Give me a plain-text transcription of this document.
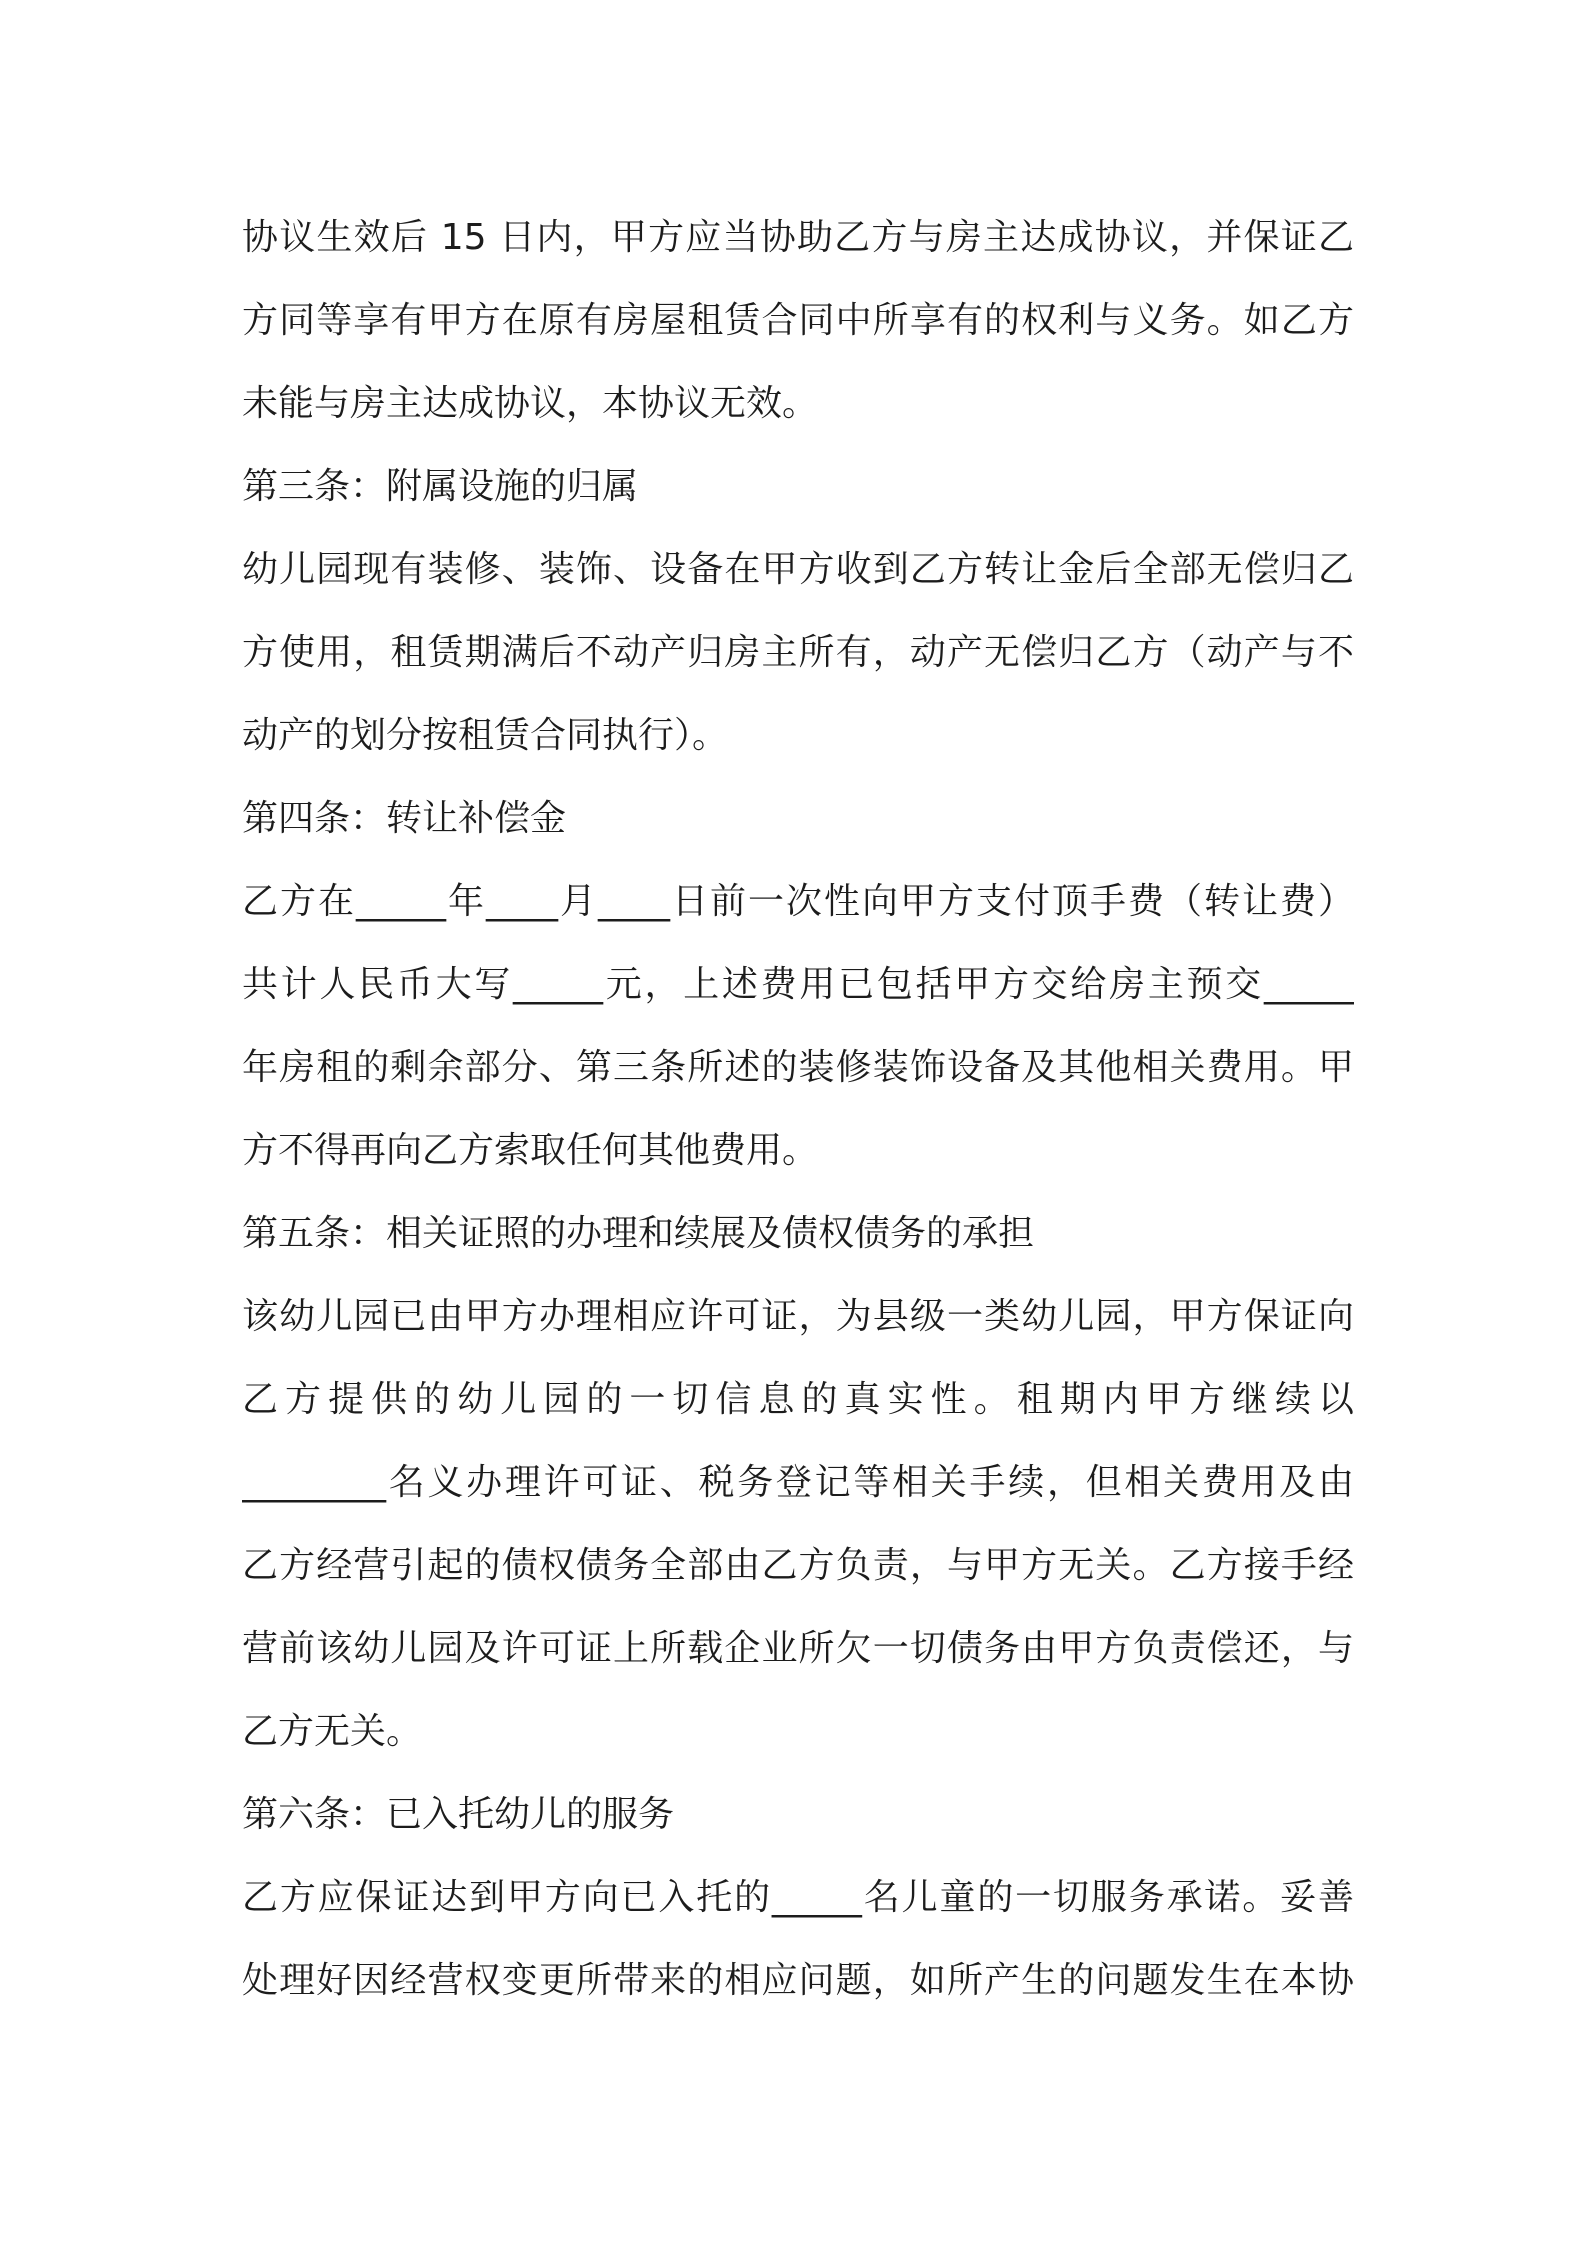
协议生效后 15 日内，甲方应当协助乙方与房主达成协议，并保证乙
方同等享有甲方在原有房屋租赁合同中所享有的权利与义务。如乙方
未能与房主达成协议，本协议无效。
第三条：附属设施的归属
幼儿园现有装修、装饰、设备在甲方收到乙方转让金后全部无偿归乙
方使用，租赁期满后不动产归房主所有，动产无偿归乙方（动产与不
动产的划分按租赁合同执行）。
第四条：转让补偿金
乙方在_____年____月____日前一次性向甲方支付顶手费（转让费）
共计人民币大写_____元，上述费用已包括甲方交给房主预交_____
年房租的剩余部分、第三条所述的装修装饰设备及其他相关费用。甲
方不得再向乙方索取任何其他费用。
第五条：相关证照的办理和续展及债权债务的承担
该幼儿园已由甲方办理相应许可证，为县级一类幼儿园，甲方保证向
乙方提供的幼儿园的一切信息的真实性。租期内甲方继续以
________名义办理许可证、税务登记等相关手续，但相关费用及由
乙方经营引起的债权债务全部由乙方负责，与甲方无关。乙方接手经
营前该幼儿园及许可证上所载企业所欠一切债务由甲方负责偿还，与
乙方无关。
第六条：已入托幼儿的服务
乙方应保证达到甲方向已入托的_____名儿童的一切服务承诺。妥善
处理好因经营权变更所带来的相应问题，如所产生的问题发生在本协
